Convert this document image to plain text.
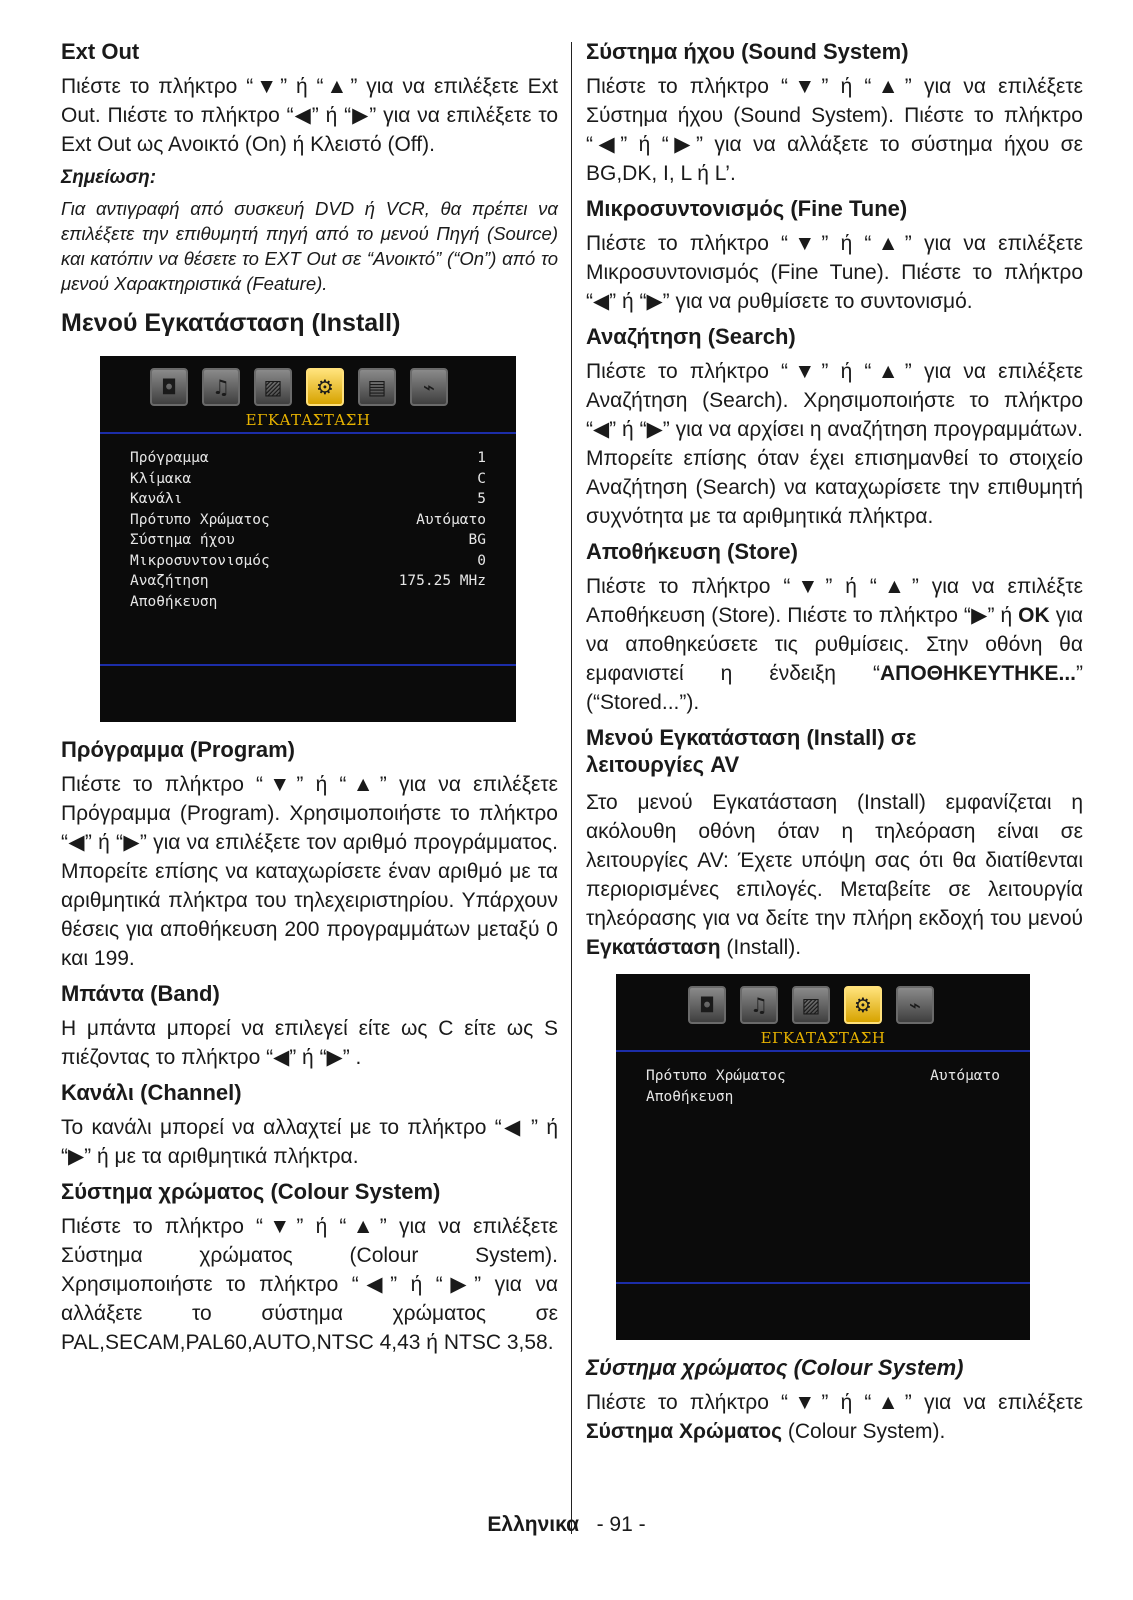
Ext Out

Πιέστε το πλήκτρο “▼” ή “▲” για να επιλέξετε Ext Out. Πιέστε το πλήκτρο “◀” ή “▶” για να επιλέξετε το Ext Out ως Ανοικτό (On) ή Κλειστό (Off).

Σημείωση:

Για αντιγραφή από συσκευή DVD ή VCR, θα πρέπει να επιλέξετε την επιθυμητή πηγή από το μενού Πηγή (Source) και κατόπιν να θέσετε το EXT Out σε “Ανοικτό” (“On”) από το μενού Χαρακτηριστικά (Feature).

Μενού Εγκατάσταση (Install)
◘	♫	▨	⚙	▤	⌁
ΕΓΚΑΤΑΣΤΑΣΗ
Πρόγραμμα	1
Κλίμακα	C
Κανάλι	5
Πρότυπο Χρώματος	Αυτόματο
Σύστημα ήχου	BG
Μικροσυντονισμός	0
Αναζήτηση	175.25 MHz
Αποθήκευση
Πρόγραμμα (Program)

Πιέστε το πλήκτρο “▼” ή “▲” για να επιλέξετε Πρόγραμμα (Program). Χρησιμοποιήστε το πλήκτρο “◀” ή “▶” για να επιλέξετε τον αριθμό προγράμματος. Μπορείτε επίσης να καταχωρίσετε έναν αριθμό με τα αριθμητικά πλήκτρα του τηλεχειριστηρίου. Υπάρχουν θέσεις για αποθήκευση 200 προγραμμάτων μεταξύ 0 και 199.

Μπάντα (Band)

Η μπάντα μπορεί να επιλεγεί είτε ως C είτε ως S πιέζοντας το πλήκτρο “◀” ή “▶” .

Κανάλι (Channel)

Το κανάλι μπορεί να αλλαχτεί με το πλήκτρο “◀ ” ή “▶” ή με τα αριθμητικά πλήκτρα.

Σύστημα χρώματος (Colour System)

Πιέστε το πλήκτρο “▼” ή “▲” για να επιλέξετε Σύστημα χρώματος (Colour System). Χρησιμοποιήστε το πλήκτρο “◀” ή “▶” για να αλλάξετε το σύστημα χρώματος σε PAL,SECAM,PAL60,AUTO,NTSC 4,43 ή NTSC 3,58.

Σύστημα ήχου (Sound System)

Πιέστε το πλήκτρο “▼” ή “▲” για να επιλέξετε Σύστημα ήχου (Sound System). Πιέστε το πλήκτρο “◀” ή “▶” για να αλλάξετε το σύστημα ήχου σε BG,DK, I, L ή L’.

Μικροσυντονισμός (Fine Tune)

Πιέστε το πλήκτρο “▼” ή “▲” για να επιλέξετε Μικροσυντονισμός (Fine Tune). Πιέστε το πλήκτρο “◀” ή “▶” για να ρυθμίσετε το συντονισμό.

Αναζήτηση (Search)

Πιέστε το πλήκτρο “▼” ή “▲” για να επιλέξετε Αναζήτηση (Search). Χρησιμοποιήστε το πλήκτρο “◀” ή “▶” για να αρχίσει η αναζήτηση προγραμμάτων. Μπορείτε επίσης όταν έχει επισημανθεί το στοιχείο Αναζήτηση (Search) να καταχωρίσετε την επιθυμητή συχνότητα με τα αριθμητικά πλήκτρα.

Αποθήκευση (Store)

Πιέστε το πλήκτρο “▼” ή “▲” για να επιλέξτε Αποθήκευση (Store). Πιέστε το πλήκτρο “▶” ή OK για να αποθηκεύσετε τις ρυθμίσεις. Στην οθόνη θα εμφανιστεί η ένδειξη “ΑΠΟΘΗΚΕΥΤΗΚΕ...” (“Stored...”).

Μενού Εγκατάσταση (Install) σε
λειτουργίες AV

Στο μενού Εγκατάσταση (Install) εμφανίζεται η ακόλουθη οθόνη όταν η τηλεόραση είναι σε λειτουργίες AV: Έχετε υπόψη σας ότι θα διατίθενται περιορισμένες επιλογές. Μεταβείτε σε λειτουργία τηλεόρασης για να δείτε την πλήρη εκδοχή του μενού Εγκατάσταση (Install).

◘	♫	▨	⚙	⌁
ΕΓΚΑΤΑΣΤΑΣΗ
Πρότυπο Χρώματος	Αυτόματο
Αποθήκευση
Σύστημα χρώματος (Colour System)

Πιέστε το πλήκτρο “▼” ή “▲” για να επιλέξετε Σύστημα Χρώματος (Colour System).

Ελληνικα - 91 -
